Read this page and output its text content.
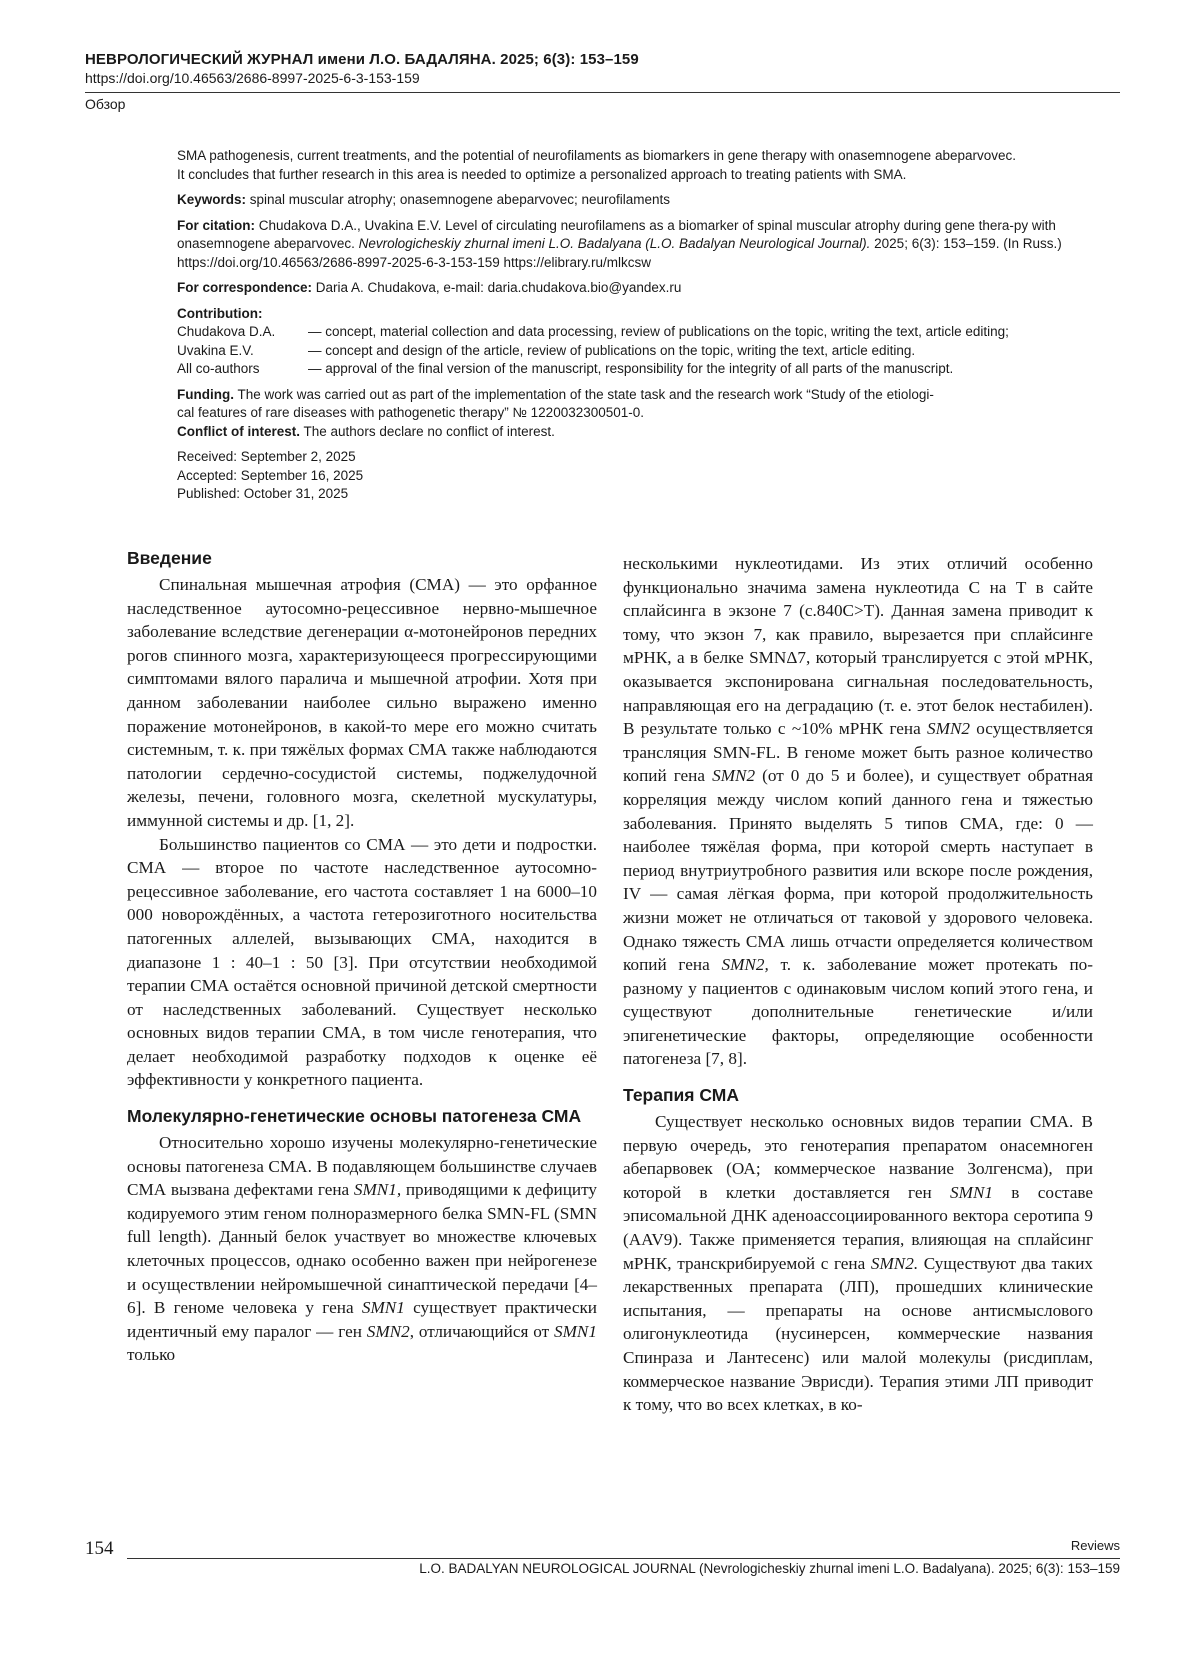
НЕВРОЛОГИЧЕСКИЙ ЖУРНАЛ имени Л.О. БАДАЛЯНА. 2025; 6(3): 153–159
https://doi.org/10.46563/2686-8997-2025-6-3-153-159
Обзор

SMA pathogenesis, current treatments, and the potential of neurofilaments as biomarkers in gene therapy with onasemnogene abeparvovec.
It concludes that further research in this area is needed to optimize a personalized approach to treating patients with SMA.

Keywords: spinal muscular atrophy; onasemnogene abeparvovec; neurofilaments

For citation: Chudakova D.A., Uvakina E.V. Level of circulating neurofilamens as a biomarker of spinal muscular atrophy during gene thera-py with onasemnogene abeparvovec. Nevrologicheskiy zhurnal imeni L.O. Badalyana (L.O. Badalyan Neurological Journal). 2025; 6(3): 153–159. (In Russ.) https://doi.org/10.46563/2686-8997-2025-6-3-153-159 https://elibrary.ru/mlkcsw

For correspondence: Daria A. Chudakova, e-mail: daria.chudakova.bio@yandex.ru

Contribution:

Chudakova D.A.	— concept, material collection and data processing, review of publications on the topic, writing the text, article editing;
Uvakina E.V.	— concept and design of the article, review of publications on the topic, writing the text, article editing.
All co-authors	— approval of the final version of the manuscript, responsibility for the integrity of all parts of the manuscript.

Funding. The work was carried out as part of the implementation of the state task and the research work “Study of the etiologi-
cal features of rare diseases with pathogenetic therapy” № 1220032300501-0.

Conflict of interest. The authors declare no conflict of interest.

Received: September 2, 2025

Accepted: September 16, 2025

Published: October 31, 2025

Введение

Спинальная мышечная атрофия (СМА) — это орфанное наследственное аутосомно-рецессивное нервно-мышечное заболевание вследствие дегенерации α-мотонейронов передних рогов спинного мозга, характеризующееся прогрессирующими симптомами вялого паралича и мышечной атрофии. Хотя при данном заболевании наиболее сильно выражено именно поражение мотонейронов, в какой-то мере его можно считать системным, т. к. при тяжёлых формах СМА также наблюдаются патологии сердечно-сосудистой системы, поджелудочной железы, печени, головного мозга, скелетной мускулатуры, иммунной системы и др. [1, 2].

Большинство пациентов со СМА — это дети и подростки. СМА — второе по частоте наследственное аутосомно-рецессивное заболевание, его частота составляет 1 на 6000–10 000 новорождённых, а частота гетерозиготного носительства патогенных аллелей, вызывающих СМА, находится в диапазоне 1 : 40–1 : 50 [3]. При отсутствии необходимой терапии СМА остаётся основной причиной детской смертности от наследственных заболеваний. Существует несколько основных видов терапии СМА, в том числе генотерапия, что делает необходимой разработку подходов к оценке её эффективности у конкретного пациента.

Молекулярно-генетические основы патогенеза СМА

Относительно хорошо изучены молекулярно-генетические основы патогенеза СМА. В подавляющем большинстве случаев СМА вызвана дефектами гена SMN1, приводящими к дефициту кодируемого этим геном полноразмерного белка SMN-FL (SMN full length). Данный белок участвует во множестве ключевых клеточных процессов, однако особенно важен при нейрогенезе и осуществлении нейромышечной синаптической передачи [4–6]. В геноме человека у гена SMN1 существует практически идентичный ему паралог — ген SMN2, отличающийся от SMN1 только

несколькими нуклеотидами. Из этих отличий особенно функционально значима замена нуклеотида C на T в сайте сплайсинга в экзоне 7 (c.840C>T). Данная замена приводит к тому, что экзон 7, как правило, вырезается при сплайсинге мРНК, а в белке SMNΔ7, который транслируется с этой мРНК, оказывается экспонирована сигнальная последовательность, направляющая его на деградацию (т. е. этот белок нестабилен). В результате только с ~10% мРНК гена SMN2 осуществляется трансляция SMN-FL. В геноме может быть разное количество копий гена SMN2 (от 0 до 5 и более), и существует обратная корреляция между числом копий данного гена и тяжестью заболевания. Принято выделять 5 типов СМА, где: 0 — наиболее тяжёлая форма, при которой смерть наступает в период внутриутробного развития или вскоре после рождения, IV — самая лёгкая форма, при которой продолжительность жизни может не отличаться от таковой у здорового человека. Однако тяжесть СМА лишь отчасти определяется количеством копий гена SMN2, т. к. заболевание может протекать по-разному у пациентов с одинаковым числом копий этого гена, и существуют дополнительные генетические и/или эпигенетические факторы, определяющие особенности патогенеза [7, 8].

Терапия СМА

Существует несколько основных видов терапии СМА. В первую очередь, это генотерапия препаратом онасемноген абепарвовек (ОА; коммерческое название Золгенсма), при которой в клетки доставляется ген SMN1 в составе эписомальной ДНК аденоассоциированного вектора серотипа 9 (AAV9). Также применяется терапия, влияющая на сплайсинг мРНК, транскрибируемой с гена SMN2. Существуют два таких лекарственных препарата (ЛП), прошедших клинические испытания, — препараты на основе антисмыслового олигонуклеотида (нусинерсен, коммерческие названия Спинраза и Лантесенс) или малой молекулы (рисдиплам, коммерческое название Эврисди). Терапия этими ЛП приводит к тому, что во всех клетках, в ко-

154	Reviews
L.O. BADALYAN NEUROLOGICAL JOURNAL (Nevrologicheskiy zhurnal imeni L.O. Badalyana). 2025; 6(3): 153–159
